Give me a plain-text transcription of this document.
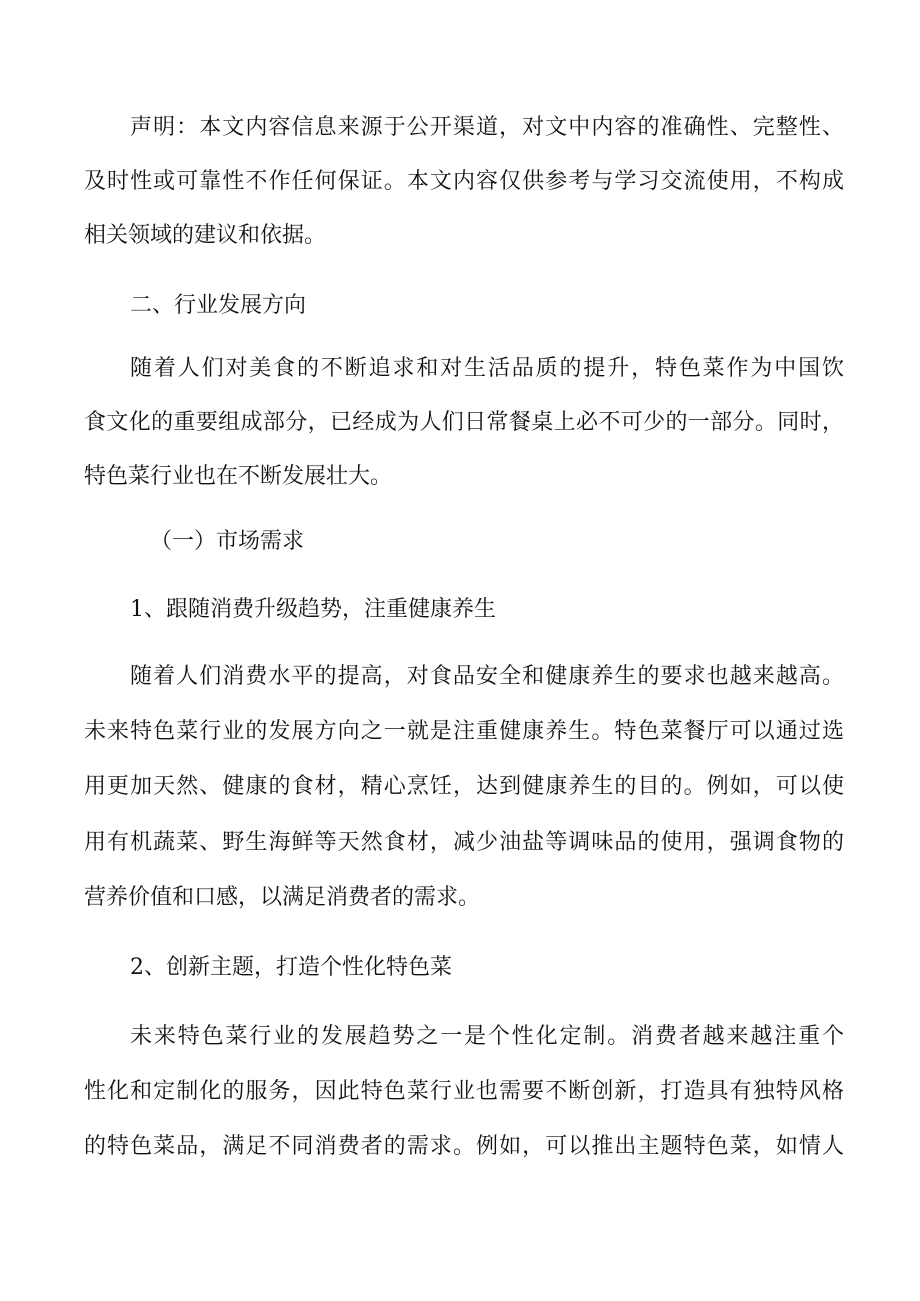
声明：本文内容信息来源于公开渠道，对文中内容的准确性、完整性、
及时性或可靠性不作任何保证。本文内容仅供参考与学习交流使用，不构成
相关领域的建议和依据。
二、行业发展方向
随着人们对美食的不断追求和对生活品质的提升，特色菜作为中国饮
食文化的重要组成部分，已经成为人们日常餐桌上必不可少的一部分。同时，
特色菜行业也在不断发展壮大。
（一）市场需求
1、跟随消费升级趋势，注重健康养生
随着人们消费水平的提高，对食品安全和健康养生的要求也越来越高。
未来特色菜行业的发展方向之一就是注重健康养生。特色菜餐厅可以通过选
用更加天然、健康的食材，精心烹饪，达到健康养生的目的。例如，可以使
用有机蔬菜、野生海鲜等天然食材，减少油盐等调味品的使用，强调食物的
营养价值和口感，以满足消费者的需求。
2、创新主题，打造个性化特色菜
未来特色菜行业的发展趋势之一是个性化定制。消费者越来越注重个
性化和定制化的服务，因此特色菜行业也需要不断创新，打造具有独特风格
的特色菜品，满足不同消费者的需求。例如，可以推出主题特色菜，如情人
